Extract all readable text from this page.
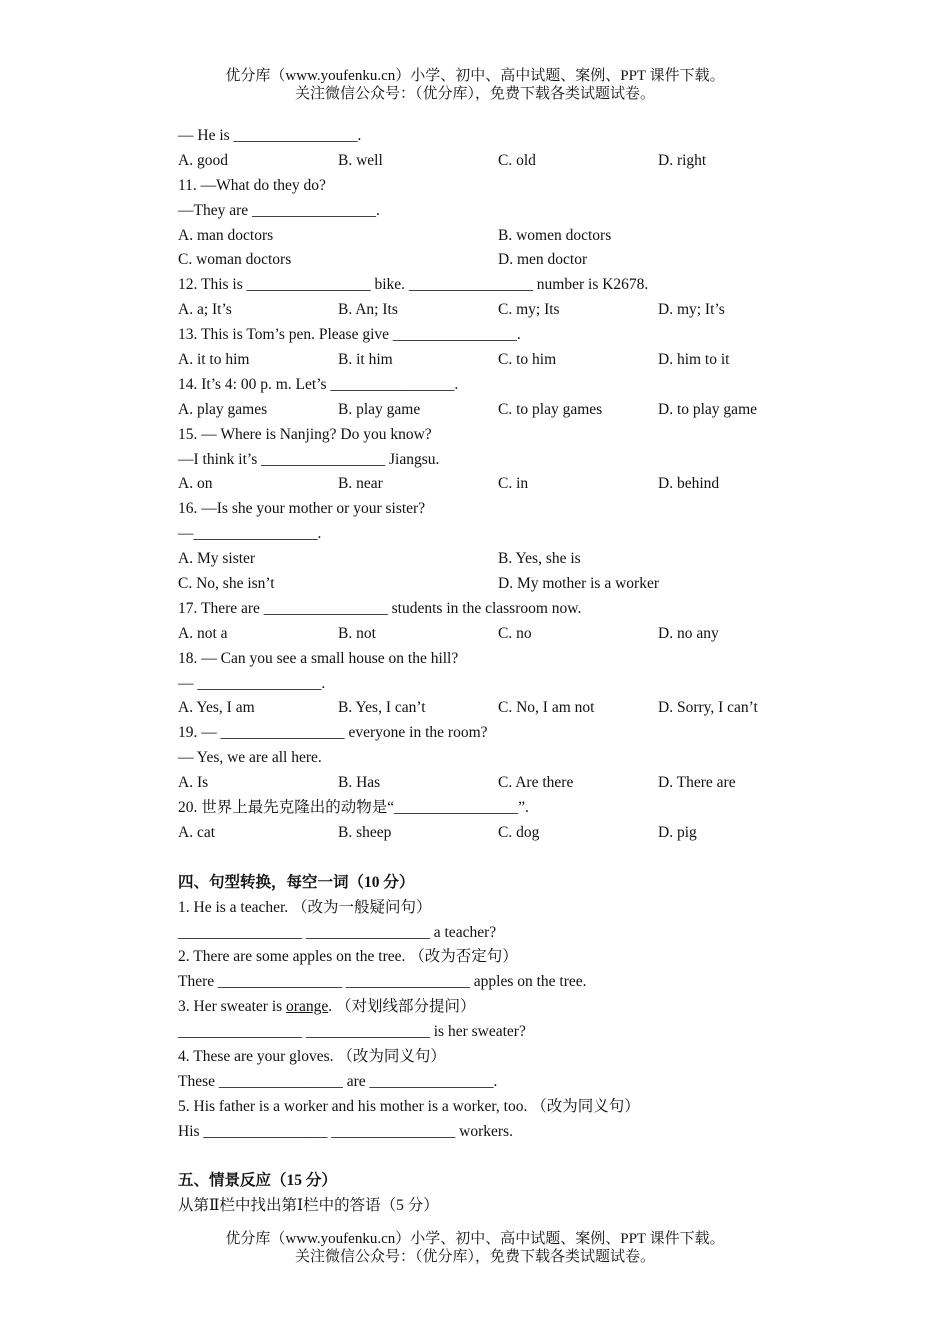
优分库（www.youfenku.cn）小学、初中、高中试题、案例、PPT 课件下载。
关注微信公众号：（优分库），免费下载各类试题试卷。
— He is ________________.
A. good	B. well	C. old	D. right
11. —What do they do?
—They are ________________.
A. man doctors	B. women doctors
C. woman doctors	D. men doctor
12. This is ________________ bike. ________________ number is K2678.
A. a; It’s	B. An; Its	C. my; Its	D. my; It’s
13. This is Tom’s pen. Please give ________________.
A. it to him	B. it him	C. to him	D. him to it
14. It’s 4: 00 p. m. Let’s ________________.
A. play games	B. play game	C. to play games	D. to play game
15. — Where is Nanjing? Do you know?
—I think it’s ________________ Jiangsu.
A. on	B. near	C. in	D. behind
16. —Is she your mother or your sister?
—________________.
A. My sister	B. Yes, she is
C. No, she isn’t	D. My mother is a worker
17. There are ________________ students in the classroom now.
A. not a	B. not	C. no	D. no any
18. — Can you see a small house on the hill?
— ________________.
A. Yes, I am	B. Yes, I can’t	C. No, I am not	D. Sorry, I can’t
19. — ________________ everyone in the room?
— Yes, we are all here.
A. Is	B. Has	C. Are there	D. There are
20. 世界上最先克隆出的动物是“________________”.
A. cat	B. sheep	C. dog	D. pig
四、句型转换，每空一词（10 分）
1. He is a teacher. （改为一般疑问句）
________________ ________________ a teacher?
2. There are some apples on the tree. （改为否定句）
There ________________ ________________ apples on the tree.
3. Her sweater is orange. （对划线部分提问）
________________ ________________ is her sweater?
4. These are your gloves. （改为同义句）
These ________________ are ________________.
5. His father is a worker and his mother is a worker, too. （改为同义句）
His ________________ ________________ workers.
五、情景反应（15 分）
从第Ⅱ栏中找出第Ⅰ栏中的答语（5 分）
优分库（www.youfenku.cn）小学、初中、高中试题、案例、PPT 课件下载。
关注微信公众号：（优分库），免费下载各类试题试卷。
